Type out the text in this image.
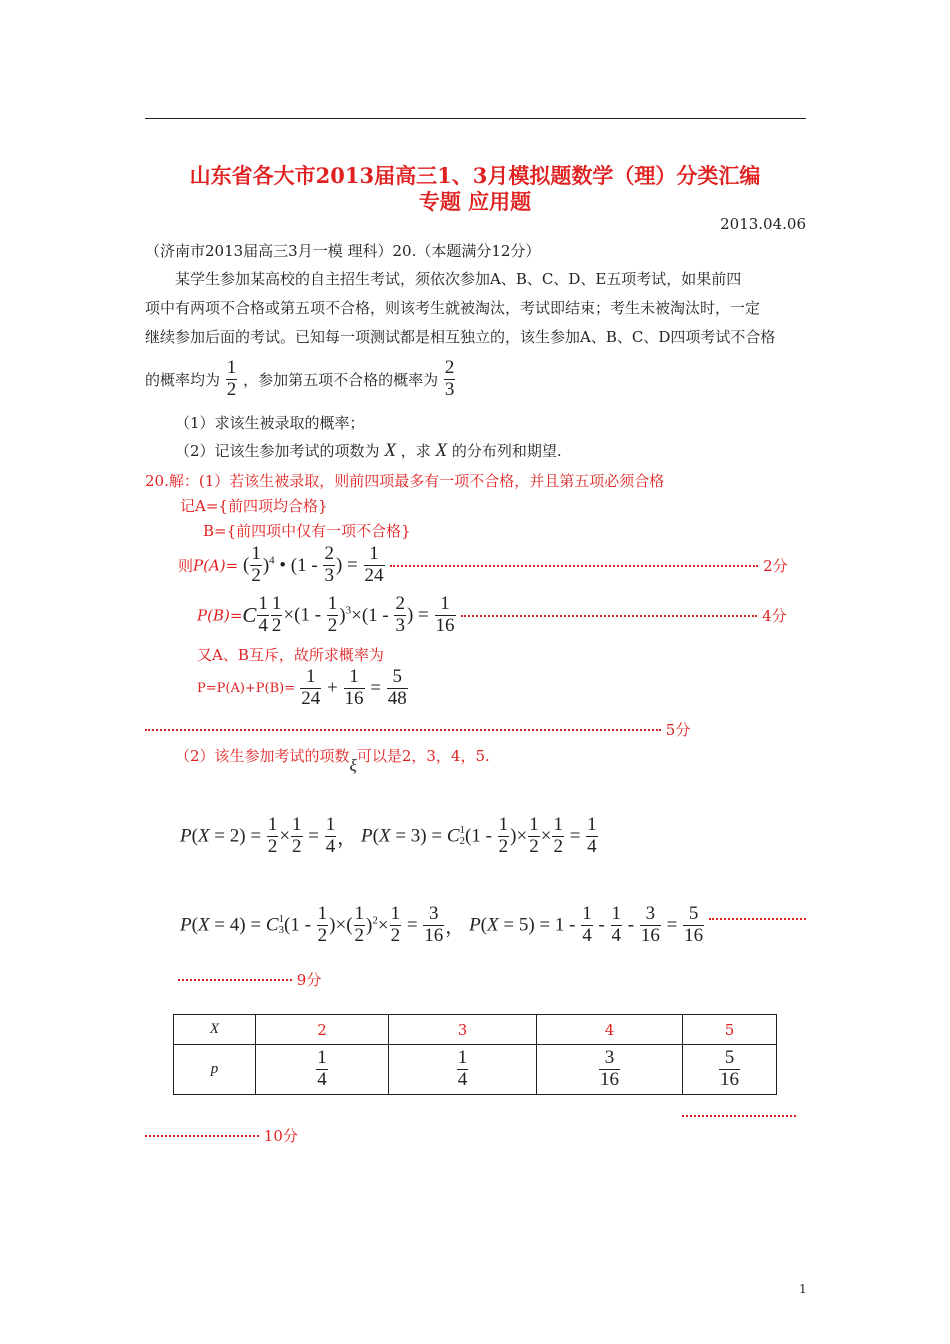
山东省各大市2013届高三1、3月模拟题数学（理）分类汇编
专题 应用题
2013.04.06
（济南市2013届高三3月一模 理科）20.（本题满分12分）
某学生参加某高校的自主招生考试，须依次参加A、B、C、D、E五项考试，如果前四
项中有两项不合格或第五项不合格，则该考生就被淘汰，考试即结束；考生未被淘汰时，一定
继续参加后面的考试。已知每一项测试都是相互独立的，该生参加A、B、C、D四项考试不合格
的概率均为 $\frac{1}{2}$ ，参加第五项不合格的概率为 $\frac{2}{3}$
（1）求该生被录取的概率；
（2）记该生参加考试的项数为 X ，求 X 的分布列和期望.
20.解：(1）若该生被录取，则前四项最多有一项不合格，并且第五项必须合格
记A={前四项均合格}
B={前四项中仅有一项不合格}
则P(A)= ( $\frac{1}{2} )^4$ • ($1 - \frac{2}{3}$ ) = $\frac{1}{24}$	2分
$P(B)=C \frac{1}{4} \frac{1}{2} \times(1 - \frac{1}{2} )^3\times(1 - \frac{2}{3}$ ) = $\frac{1}{16}$	4分
又A、B互斥，故所求概率为
$P=P(A)+P(B)= \frac{1}{24} + \frac{1}{16} = \frac{5}{48}$
5分
（2）该生参加考试的项数ξ可以是2，3，4，5.
$P(X = 2) = \frac{1}{2} \times \frac{1}{2} = \frac{1}{4}$ ， P(X = 3) = C 1
2 ($1 - \frac{1}{2}$ )× $\frac{1}{2} \times \frac{1}{2} = \frac{1}{4}$
P(X = 4) = C 1
3 ($1 - \frac{1}{2}$ )×( $\frac{1}{2} )^2\times \frac{1}{2} = \frac{3}{16}$ ， $P(X = 5) = 1 - \frac{1}{4} - \frac{1}{4} - \frac{3}{16} = \frac{5}{16}$
9分
X	2	3	4	5
p	$\frac{1}{4}$	$\frac{1}{4}$	$\frac{3}{16}$	$\frac{5}{16}$
10分
1
